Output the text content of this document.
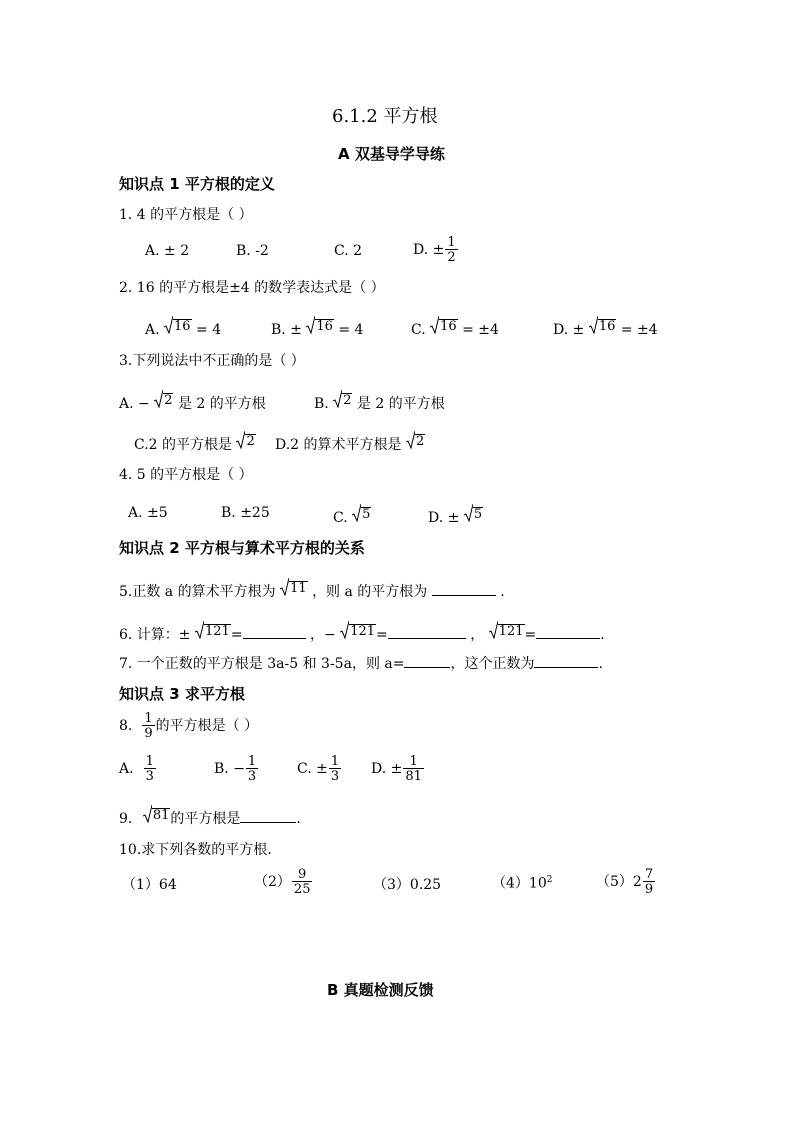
6.1.2 平方根
A 双基导学导练
知识点 1 平方根的定义
1. 4 的平方根是（ ）
A. ± 2	B. -2	C. 2	D. ± $\frac{1}{2}$
2. 16 的平方根是±4 的数学表达式是（ ）
A. 16 = 4	B. ± 16 = 4	C. 16 = ±4	D. ± 16 = ±4
3.下列说法中不正确的是（ ）
A. − 2 是 2 的平方根	B. 2 是 2 的平方根
C.2 的平方根是 2 D.2 的算术平方根是 2
4. 5 的平方根是（ ）
A. ±5	B. ±25	C. 5	D. ± 5
知识点 2 平方根与算术平方根的关系
5.正数 a 的算术平方根为 11 ，则 a 的平方根为	.
6. 计算：± 121 =	，− 121 =	， 121 =	.
7. 一个正数的平方根是 3a-5 和 3-5a，则 a=	，这个正数为	.
知识点 3 求平方根
8. $\frac{1}{9}$ 的平方根是（ ）
A. $\frac{1}{3}$	B. − $\frac{1}{3}$	C. ± $\frac{1}{3} D$. ± $\frac{1}{81}$
9. 81 的平方根是	.
10.求下列各数的平方根.
（1）64	$(2) \frac{9}{25}$	（3）0.25	$(4)10^2$	$(5)2 \frac{7}{9}$
B 真题检测反馈
